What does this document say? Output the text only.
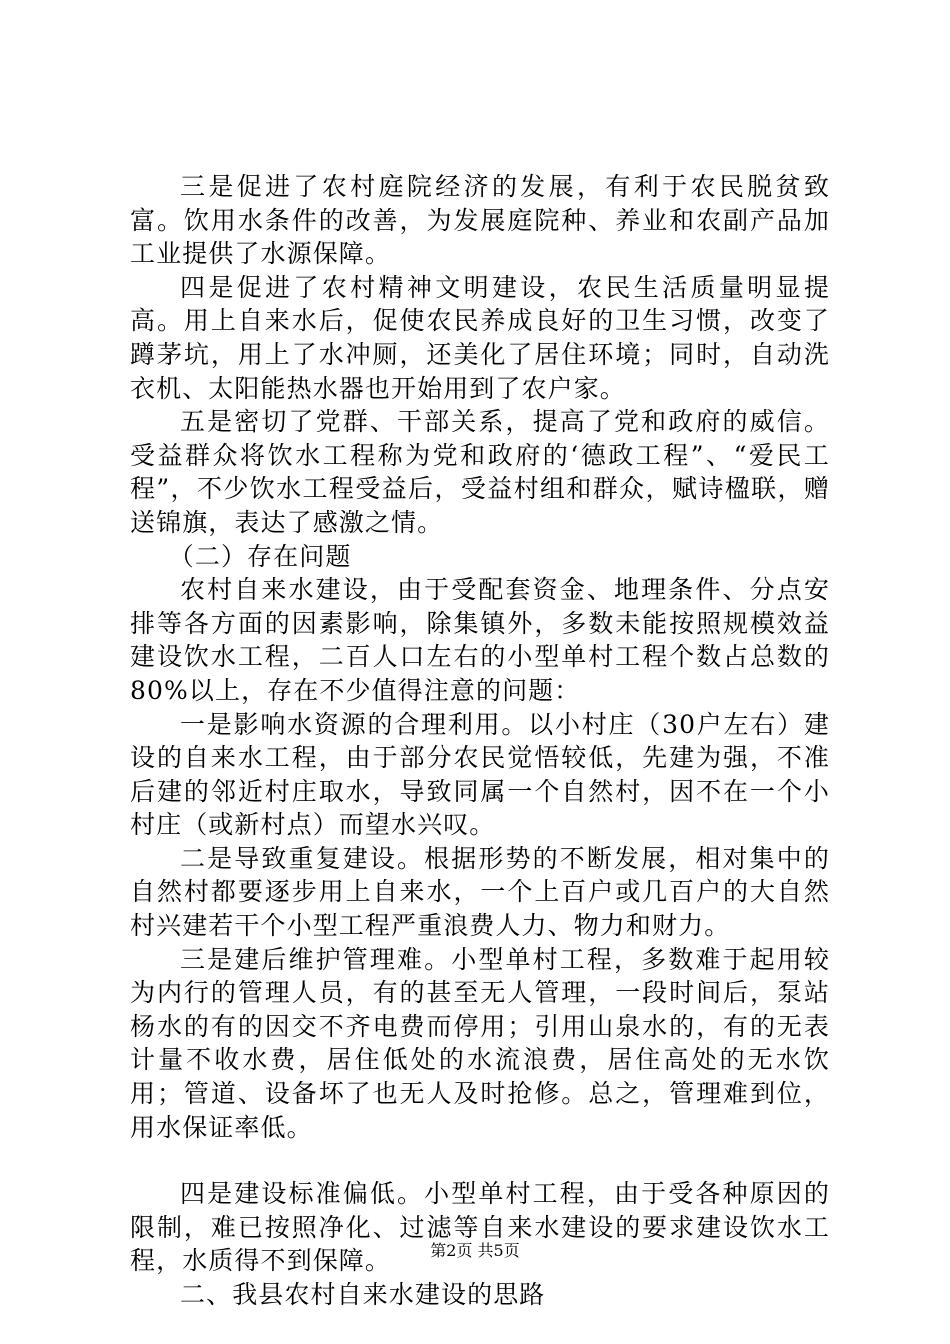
三是促进了农村庭院经济的发展，有利于农民脱贫致富。饮用水条件的改善，为发展庭院种、养业和农副产品加工业提供了水源保障。

四是促进了农村精神文明建设，农民生活质量明显提高。用上自来水后，促使农民养成良好的卫生习惯，改变了蹲茅坑，用上了水冲厕，还美化了居住环境；同时，自动洗衣机、太阳能热水器也开始用到了农户家。

五是密切了党群、干部关系，提高了党和政府的威信。受益群众将饮水工程称为党和政府的‘德政工程”、“爱民工程”，不少饮水工程受益后，受益村组和群众，赋诗楹联，赠送锦旗，表达了感激之情。

（二）存在问题

农村自来水建设，由于受配套资金、地理条件、分点安排等各方面的因素影响，除集镇外，多数未能按照规模效益建设饮水工程，二百人口左右的小型单村工程个数占总数的80%以上，存在不少值得注意的问题：

一是影响水资源的合理利用。以小村庄（30户左右）建设的自来水工程，由于部分农民觉悟较低，先建为强，不准后建的邻近村庄取水，导致同属一个自然村，因不在一个小村庄（或新村点）而望水兴叹。

二是导致重复建设。根据形势的不断发展，相对集中的自然村都要逐步用上自来水，一个上百户或几百户的大自然村兴建若干个小型工程严重浪费人力、物力和财力。

三是建后维护管理难。小型单村工程，多数难于起用较为内行的管理人员，有的甚至无人管理，一段时间后，泵站杨水的有的因交不齐电费而停用；引用山泉水的，有的无表计量不收水费，居住低处的水流浪费，居住高处的无水饮用；管道、设备坏了也无人及时抢修。总之，管理难到位，用水保证率低。

四是建设标准偏低。小型单村工程，由于受各种原因的限制，难已按照净化、过滤等自来水建设的要求建设饮水工程，水质得不到保障。

二、我县农村自来水建设的思路

第2页 共5页
